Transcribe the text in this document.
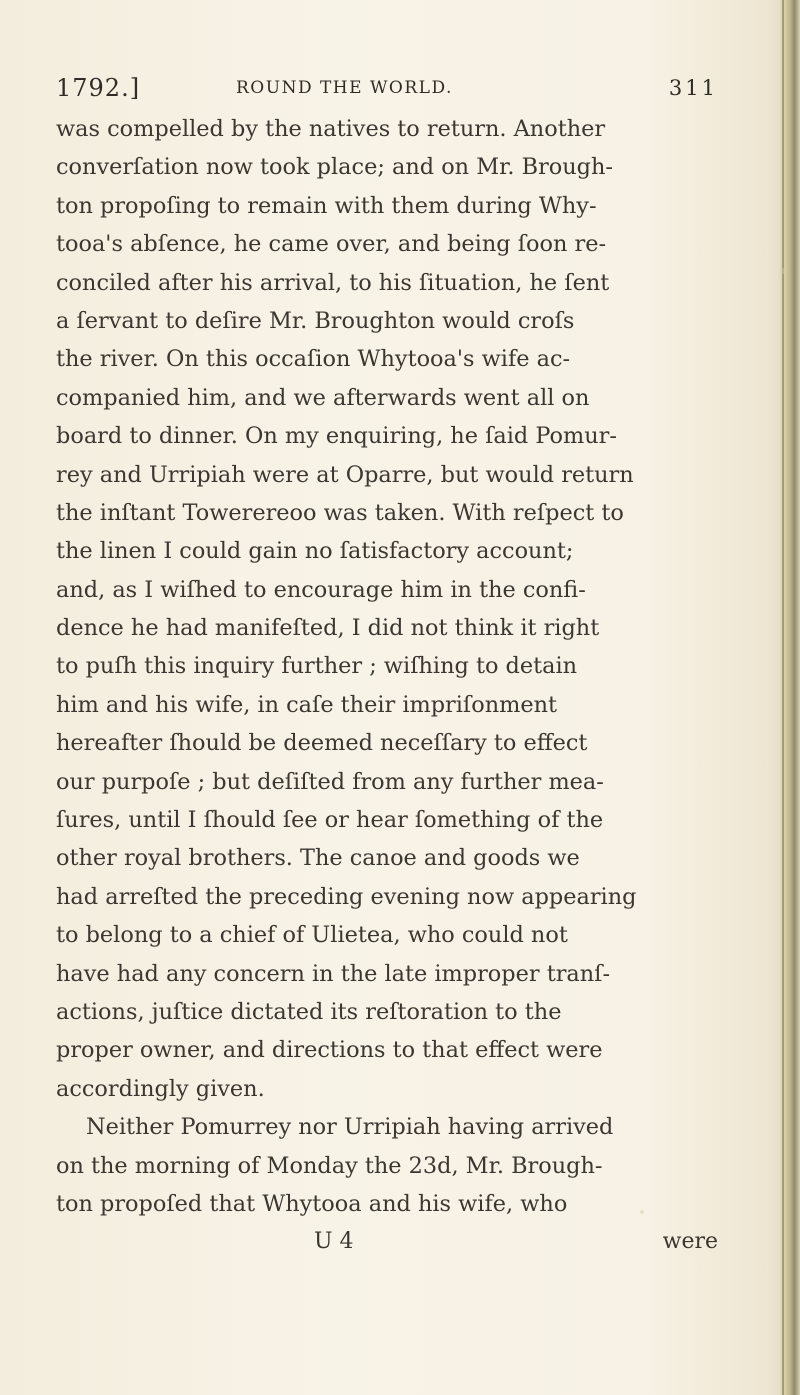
1792.]	ROUND THE WORLD.	311
was compelled by the natives to return. Another
converſation now took place; and on Mr. Brough-
ton propoſing to remain with them during Why-
tooa's abſence, he came over, and being ſoon re-
conciled after his arrival, to his ſituation, he ſent
a ſervant to deſire Mr. Broughton would croſs
the river. On this occaſion Whytooa's wife ac-
companied him, and we afterwards went all on
board to dinner. On my enquiring, he ſaid Pomur-
rey and Urripiah were at Oparre, but would return
the inſtant Towerereoo was taken. With reſpect to
the linen I could gain no ſatisfactory account;
and, as I wiſhed to encourage him in the confi-
dence he had manifeſted, I did not think it right
to puſh this inquiry further ; wiſhing to detain
him and his wife, in caſe their impriſonment
hereafter ſhould be deemed neceſſary to effect
our purpoſe ; but deſiſted from any further mea-
ſures, until I ſhould ſee or hear ſomething of the
other royal brothers. The canoe and goods we
had arreſted the preceding evening now appearing
to belong to a chief of Ulietea, who could not
have had any concern in the late improper tranſ-
actions, juſtice dictated its reſtoration to the
proper owner, and directions to that effect were
accordingly given.
Neither Pomurrey nor Urripiah having arrived
on the morning of Monday the 23d, Mr. Brough-
ton propoſed that Whytooa and his wife, who
U 4	were
